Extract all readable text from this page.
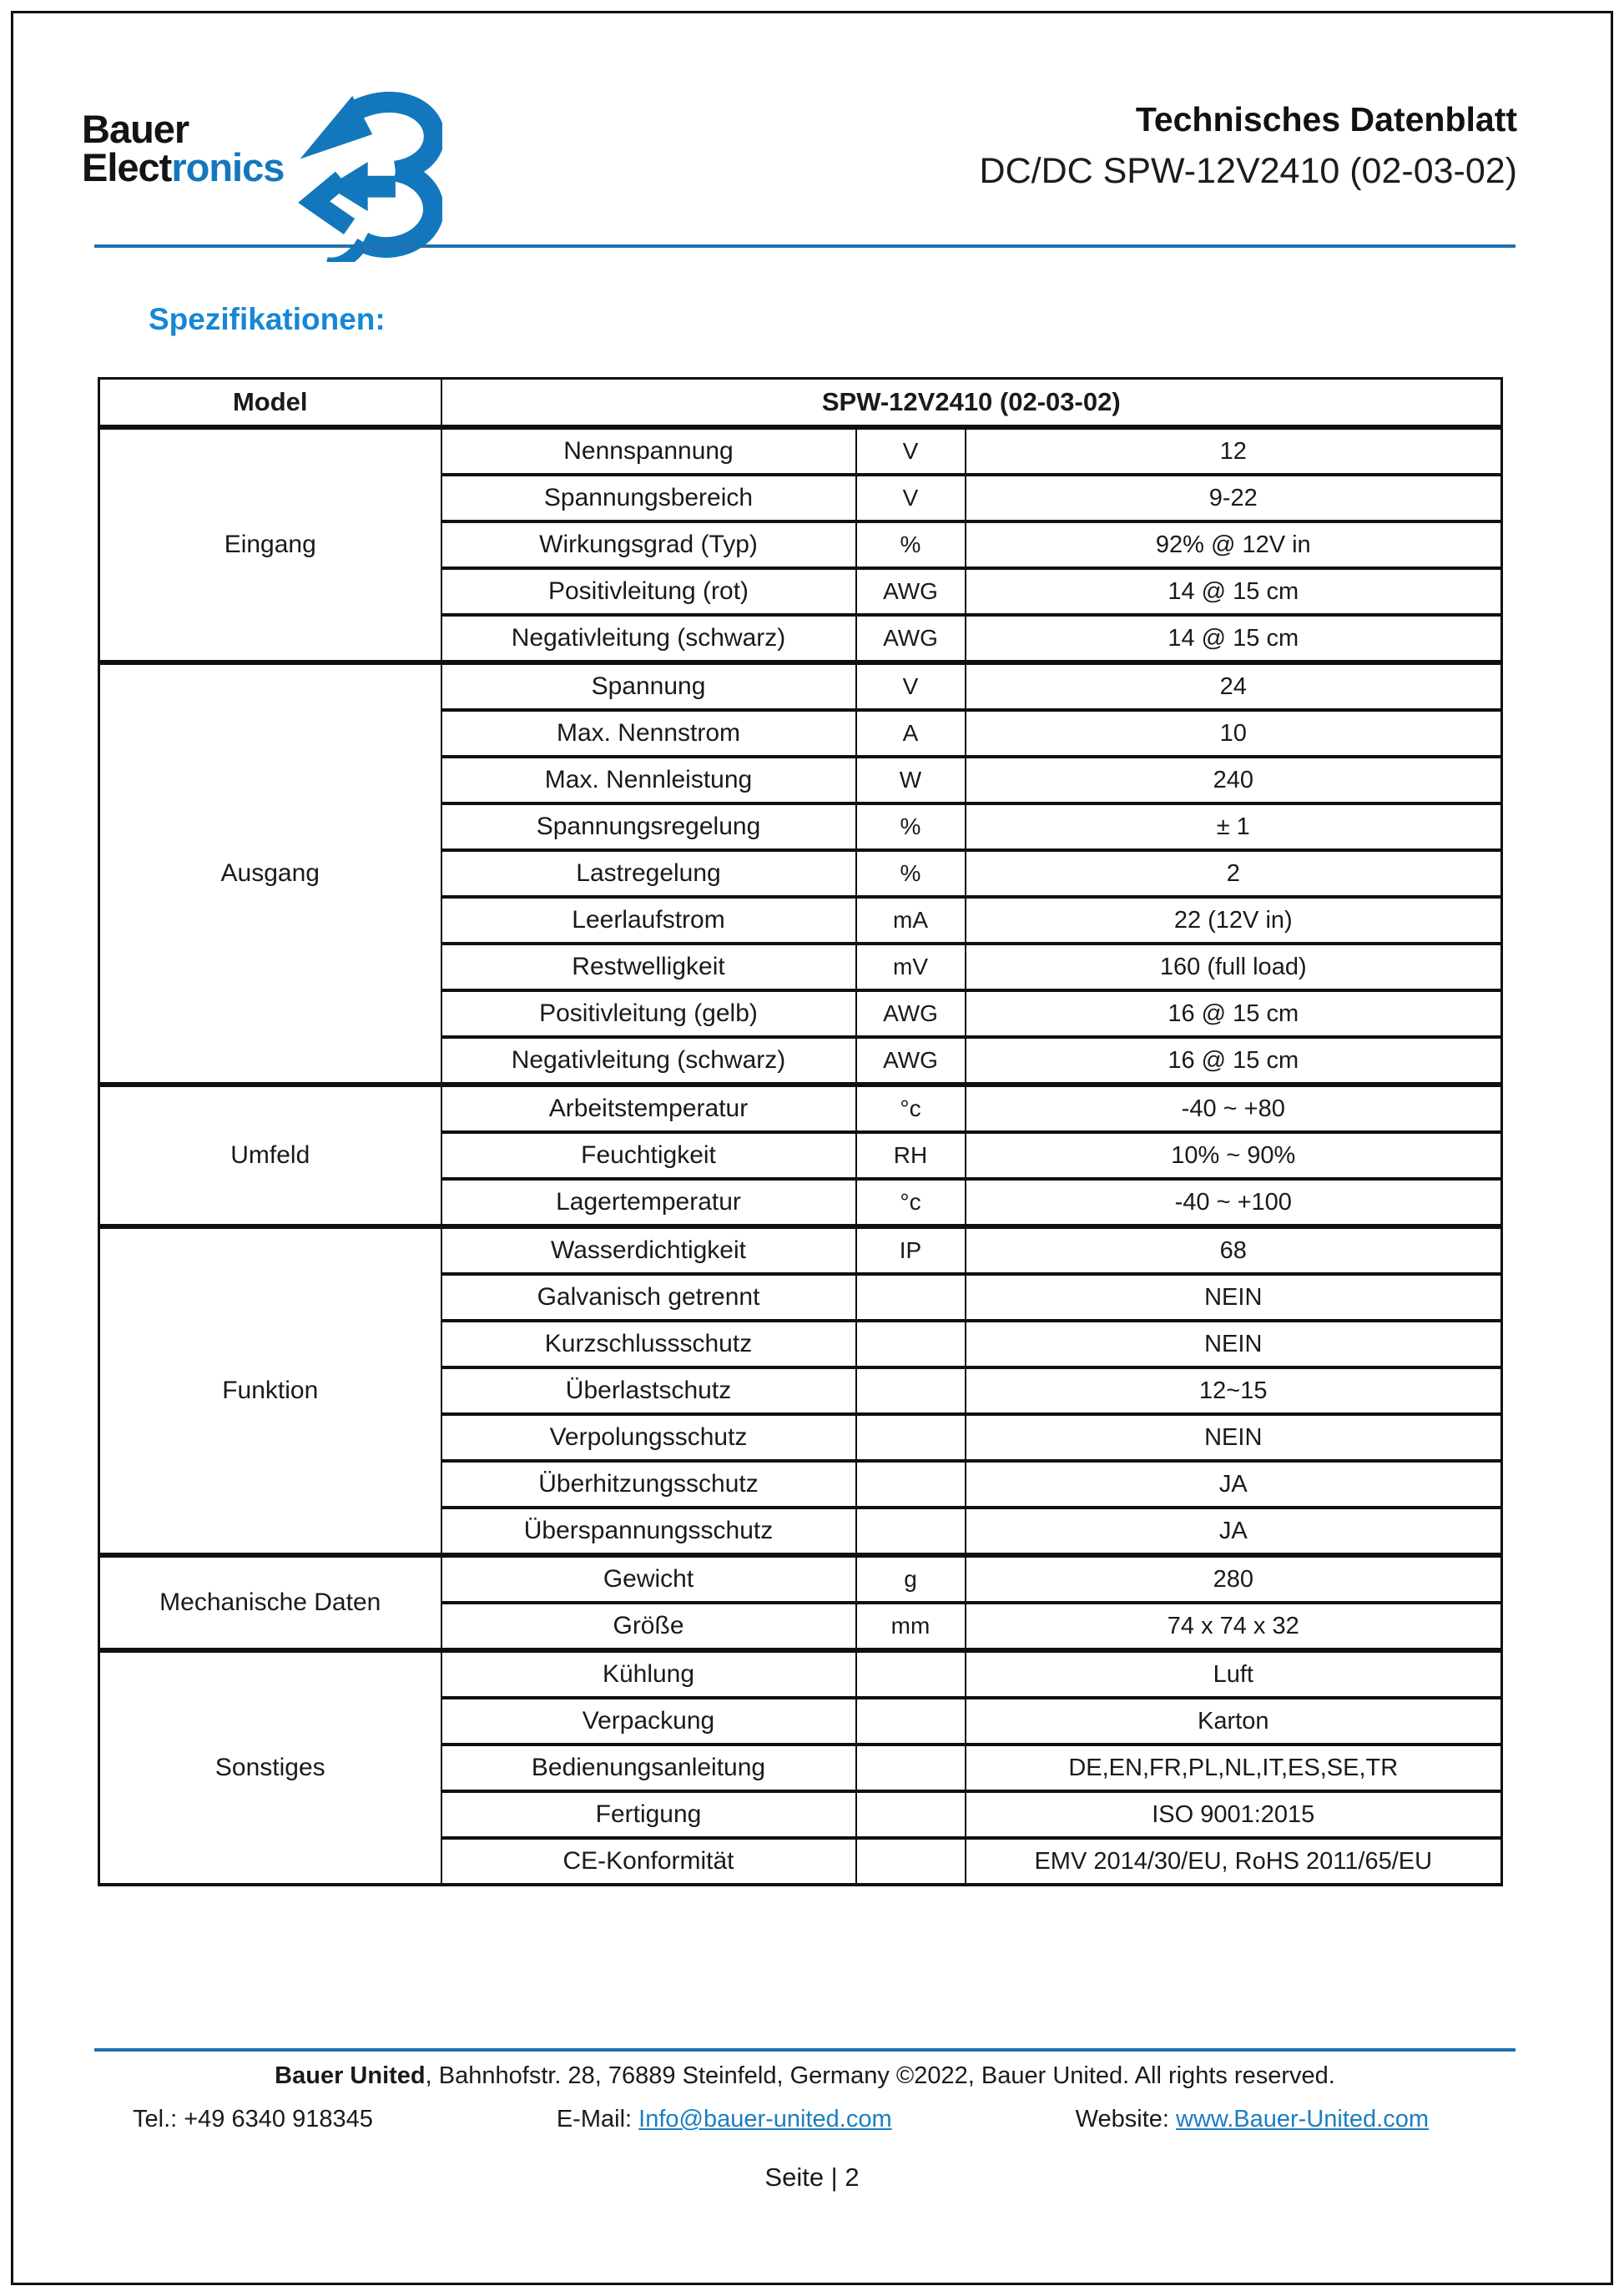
Bauer
Electronics
Technisches Datenblatt
DC/DC SPW-12V2410 (02-03-02)
Spezifikationen:
Model	SPW-12V2410 (02-03-02)		
Eingang	Nennspannung	V	12
	Spannungsbereich	V	9-22
	Wirkungsgrad (Typ)	%	92% @ 12V in
	Positivleitung (rot)	AWG	14 @ 15 cm
	Negativleitung (schwarz)	AWG	14 @ 15 cm
Ausgang	Spannung	V	24
	Max. Nennstrom	A	10
	Max. Nennleistung	W	240
	Spannungsregelung	%	± 1
	Lastregelung	%	2
	Leerlaufstrom	mA	22 (12V in)
	Restwelligkeit	mV	160 (full load)
	Positivleitung (gelb)	AWG	16 @ 15 cm
	Negativleitung (schwarz)	AWG	16 @ 15 cm
Umfeld	Arbeitstemperatur	°c	-40 ~ +80
	Feuchtigkeit	RH	10% ~ 90%
	Lagertemperatur	°c	-40 ~ +100
Funktion	Wasserdichtigkeit	IP	68
	Galvanisch getrennt		NEIN
	Kurzschlussschutz		NEIN
	Überlastschutz		12~15
	Verpolungsschutz		NEIN
	Überhitzungsschutz		JA
	Überspannungsschutz		JA
Mechanische Daten	Gewicht	g	280
	Größe	mm	74 x 74 x 32
Sonstiges	Kühlung		Luft
	Verpackung		Karton
	Bedienungsanleitung		DE,EN,FR,PL,NL,IT,ES,SE,TR
	Fertigung		ISO 9001:2015
	CE-Konformität		EMV 2014/30/EU, RoHS 2011/65/EU
Bauer United, Bahnhofstr. 28, 76889 Steinfeld, Germany ©2022, Bauer United. All rights reserved.
Tel.: +49 6340 918345	E-Mail: Info@bauer-united.com	Website: www.Bauer-United.com
Seite | 2
